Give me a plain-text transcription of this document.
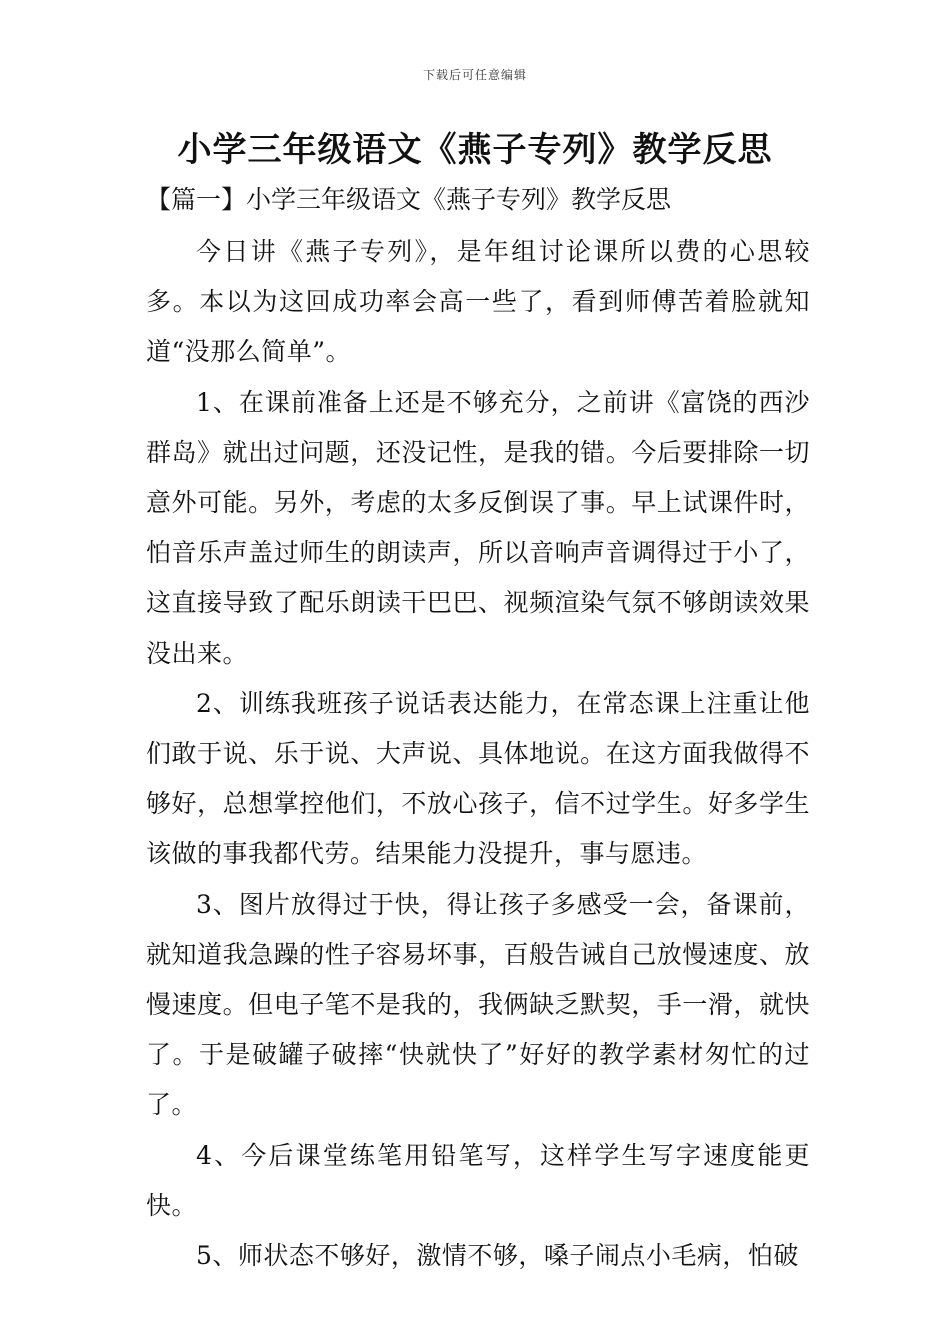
下载后可任意编辑
小学三年级语文《燕子专列》教学反思

【篇一】小学三年级语文《燕子专列》教学反思

今日讲《燕子专列》，是年组讨论课所以费的心思较多。本以为这回成功率会高一些了，看到师傅苦着脸就知道“没那么简单”。

1、在课前准备上还是不够充分，之前讲《富饶的西沙群岛》就出过问题，还没记性，是我的错。今后要排除一切意外可能。另外，考虑的太多反倒误了事。早上试课件时，怕音乐声盖过师生的朗读声，所以音响声音调得过于小了，这直接导致了配乐朗读干巴巴、视频渲染气氛不够朗读效果没出来。

2、训练我班孩子说话表达能力，在常态课上注重让他们敢于说、乐于说、大声说、具体地说。在这方面我做得不够好，总想掌控他们，不放心孩子，信不过学生。好多学生该做的事我都代劳。结果能力没提升，事与愿违。

3、图片放得过于快，得让孩子多感受一会，备课前，就知道我急躁的性子容易坏事，百般告诫自己放慢速度、放慢速度。但电子笔不是我的，我俩缺乏默契，手一滑，就快了。于是破罐子破摔“快就快了”好好的教学素材匆忙的过了。

4、今后课堂练笔用铅笔写，这样学生写字速度能更快。

5、师状态不够好，激情不够，嗓子闹点小毛病，怕破
